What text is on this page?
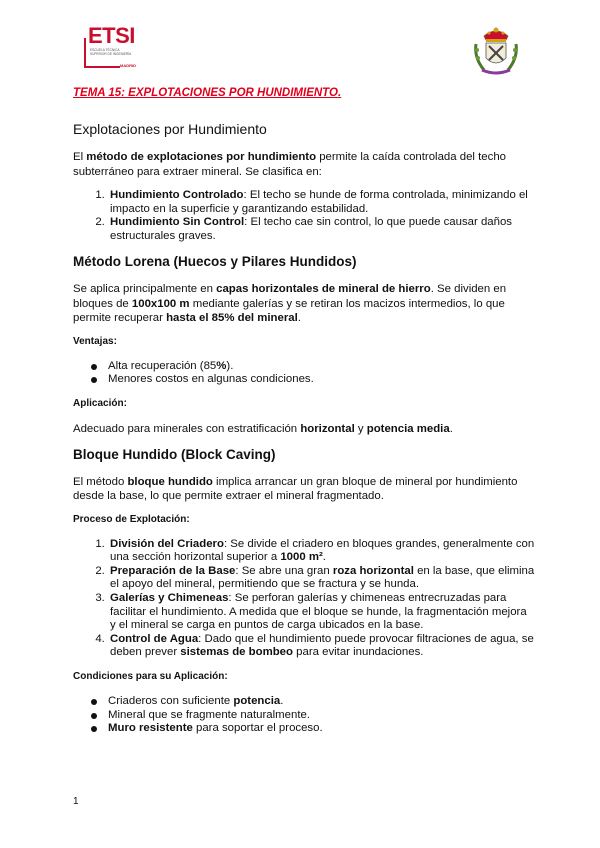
ETSI
ESCUELA TÉCNICA SUPERIOR DE INGENIERÍA
MADRID
TEMA 15: EXPLOTACIONES POR HUNDIMIENTO.
Explotaciones por Hundimiento

El método de explotaciones por hundimiento permite la caída controlada del techo subterráneo para extraer mineral. Se clasifica en:

1. Hundimiento Controlado: El techo se hunde de forma controlada, minimizando el impacto en la superficie y garantizando estabilidad.
2. Hundimiento Sin Control: El techo cae sin control, lo que puede causar daños estructurales graves.
Método Lorena (Huecos y Pilares Hundidos)

Se aplica principalmente en capas horizontales de mineral de hierro. Se dividen en bloques de 100x100 m mediante galerías y se retiran los macizos intermedios, lo que permite recuperar hasta el 85% del mineral.

Ventajas:
Alta recuperación (85%).
Menores costos en algunas condiciones.
Aplicación:

Adecuado para minerales con estratificación horizontal y potencia media.

Bloque Hundido (Block Caving)

El método bloque hundido implica arrancar un gran bloque de mineral por hundimiento desde la base, lo que permite extraer el mineral fragmentado.

Proceso de Explotación:
1. División del Criadero: Se divide el criadero en bloques grandes, generalmente con una sección horizontal superior a 1000 m².
2. Preparación de la Base: Se abre una gran roza horizontal en la base, que elimina el apoyo del mineral, permitiendo que se fractura y se hunda.
3. Galerías y Chimeneas: Se perforan galerías y chimeneas entrecruzadas para facilitar el hundimiento. A medida que el bloque se hunde, la fragmentación mejora y el mineral se carga en puntos de carga ubicados en la base.
4. Control de Agua: Dado que el hundimiento puede provocar filtraciones de agua, se deben prever sistemas de bombeo para evitar inundaciones.
Condiciones para su Aplicación:
Criaderos con suficiente potencia.
Mineral que se fragmente naturalmente.
Muro resistente para soportar el proceso.
1
